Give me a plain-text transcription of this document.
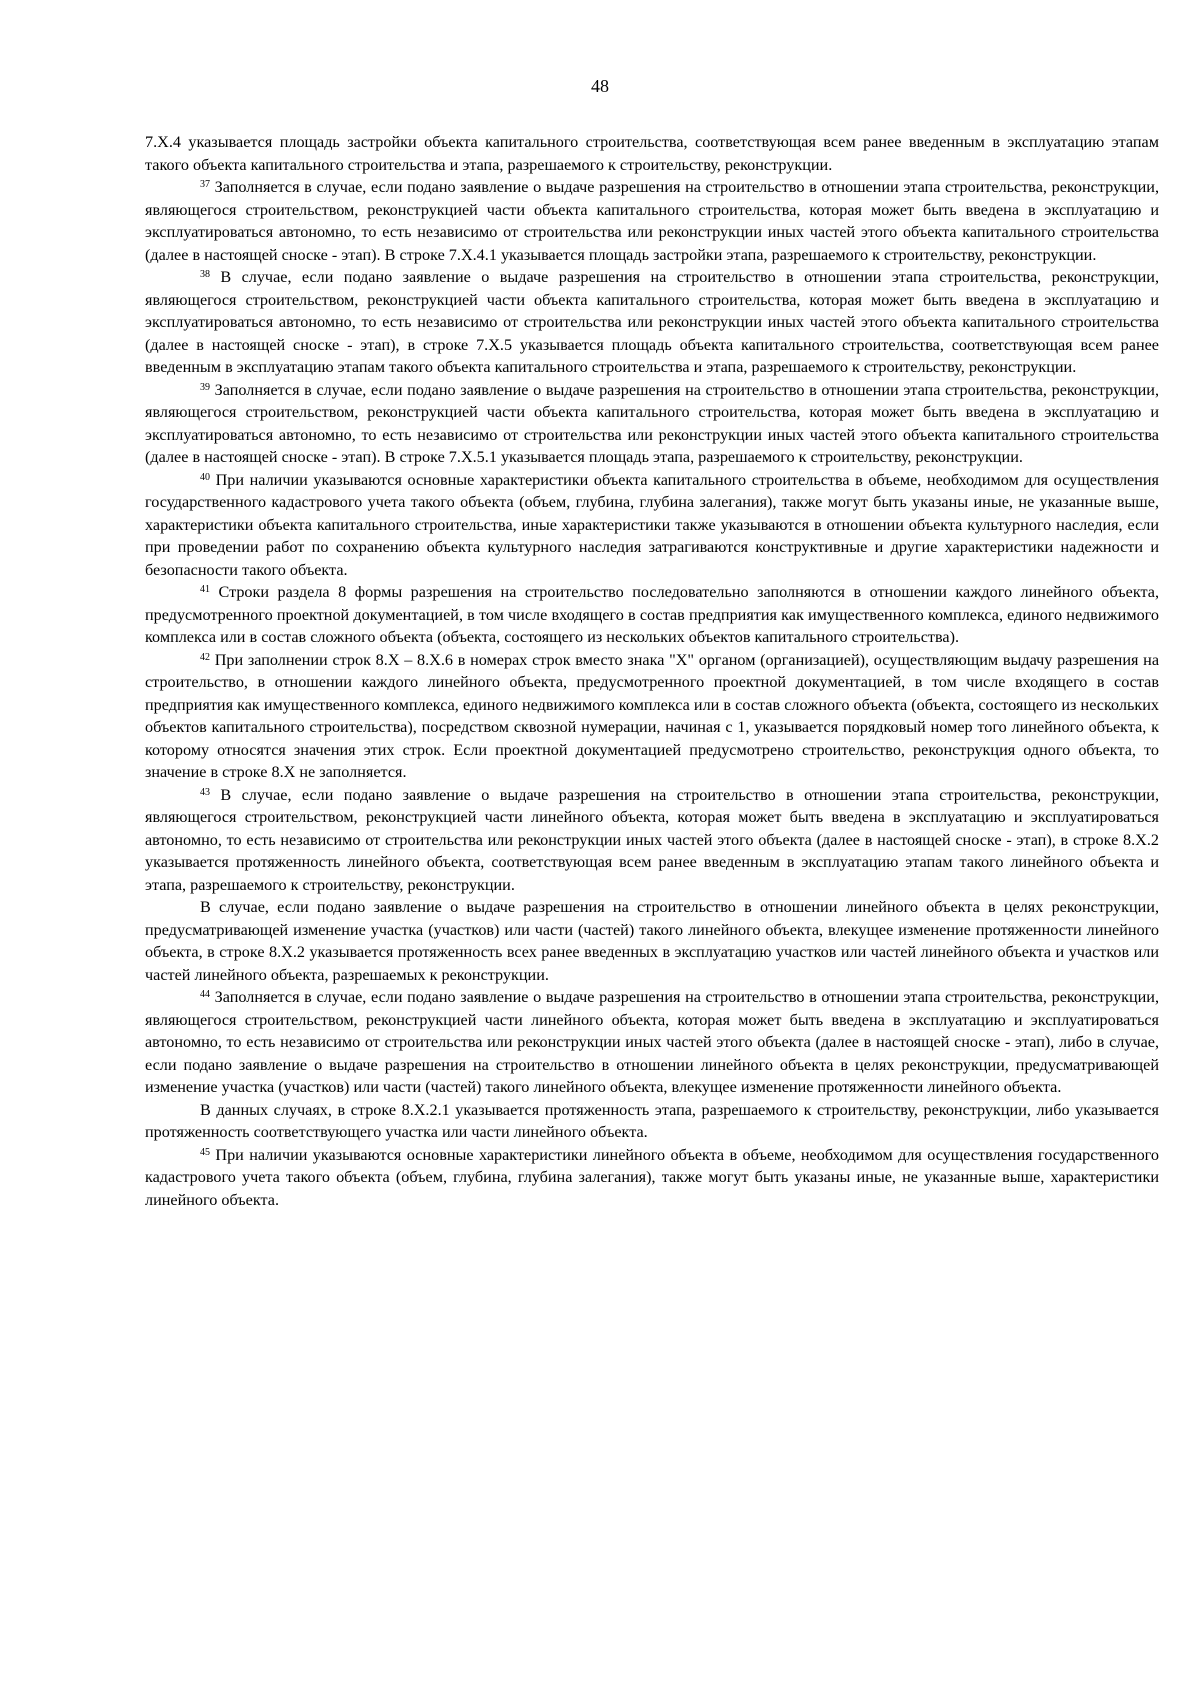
48

7.X.4 указывается площадь застройки объекта капитального строительства, соответствующая всем ранее введенным в эксплуатацию этапам такого объекта капитального строительства и этапа, разрешаемого к строительству, реконструкции.

$^{37}$ Заполняется в случае, если подано заявление о выдаче разрешения на строительство в отношении этапа строительства, реконструкции, являющегося строительством, реконструкцией части объекта капитального строительства, которая может быть введена в эксплуатацию и эксплуатироваться автономно, то есть независимо от строительства или реконструкции иных частей этого объекта капитального строительства (далее в настоящей сноске - этап). В строке 7.X.4.1 указывается площадь застройки этапа, разрешаемого к строительству, реконструкции.

$^{38}$ В случае, если подано заявление о выдаче разрешения на строительство в отношении этапа строительства, реконструкции, являющегося строительством, реконструкцией части объекта капитального строительства, которая может быть введена в эксплуатацию и эксплуатироваться автономно, то есть независимо от строительства или реконструкции иных частей этого объекта капитального строительства (далее в настоящей сноске - этап), в строке 7.X.5 указывается площадь объекта капитального строительства, соответствующая всем ранее введенным в эксплуатацию этапам такого объекта капитального строительства и этапа, разрешаемого к строительству, реконструкции.

$^{39}$ Заполняется в случае, если подано заявление о выдаче разрешения на строительство в отношении этапа строительства, реконструкции, являющегося строительством, реконструкцией части объекта капитального строительства, которая может быть введена в эксплуатацию и эксплуатироваться автономно, то есть независимо от строительства или реконструкции иных частей этого объекта капитального строительства (далее в настоящей сноске - этап). В строке 7.X.5.1 указывается площадь этапа, разрешаемого к строительству, реконструкции.

$^{40}$ При наличии указываются основные характеристики объекта капитального строительства в объеме, необходимом для осуществления государственного кадастрового учета такого объекта (объем, глубина, глубина залегания), также могут быть указаны иные, не указанные выше, характеристики объекта капитального строительства, иные характеристики также указываются в отношении объекта культурного наследия, если при проведении работ по сохранению объекта культурного наследия затрагиваются конструктивные и другие характеристики надежности и безопасности такого объекта.

$^{41}$ Строки раздела 8 формы разрешения на строительство последовательно заполняются в отношении каждого линейного объекта, предусмотренного проектной документацией, в том числе входящего в состав предприятия как имущественного комплекса, единого недвижимого комплекса или в состав сложного объекта (объекта, состоящего из нескольких объектов капитального строительства).

$^{42}$ При заполнении строк 8.X – 8.X.6 в номерах строк вместо знака "X" органом (организацией), осуществляющим выдачу разрешения на строительство, в отношении каждого линейного объекта, предусмотренного проектной документацией, в том числе входящего в состав предприятия как имущественного комплекса, единого недвижимого комплекса или в состав сложного объекта (объекта, состоящего из нескольких объектов капитального строительства), посредством сквозной нумерации, начиная с 1, указывается порядковый номер того линейного объекта, к которому относятся значения этих строк. Если проектной документацией предусмотрено строительство, реконструкция одного объекта, то значение в строке 8.X не заполняется.

$^{43}$ В случае, если подано заявление о выдаче разрешения на строительство в отношении этапа строительства, реконструкции, являющегося строительством, реконструкцией части линейного объекта, которая может быть введена в эксплуатацию и эксплуатироваться автономно, то есть независимо от строительства или реконструкции иных частей этого объекта (далее в настоящей сноске - этап), в строке 8.X.2 указывается протяженность линейного объекта, соответствующая всем ранее введенным в эксплуатацию этапам такого линейного объекта и этапа, разрешаемого к строительству, реконструкции.

В случае, если подано заявление о выдаче разрешения на строительство в отношении линейного объекта в целях реконструкции, предусматривающей изменение участка (участков) или части (частей) такого линейного объекта, влекущее изменение протяженности линейного объекта, в строке 8.X.2 указывается протяженность всех ранее введенных в эксплуатацию участков или частей линейного объекта и участков или частей линейного объекта, разрешаемых к реконструкции.

$^{44}$ Заполняется в случае, если подано заявление о выдаче разрешения на строительство в отношении этапа строительства, реконструкции, являющегося строительством, реконструкцией части линейного объекта, которая может быть введена в эксплуатацию и эксплуатироваться автономно, то есть независимо от строительства или реконструкции иных частей этого объекта (далее в настоящей сноске - этап), либо в случае, если подано заявление о выдаче разрешения на строительство в отношении линейного объекта в целях реконструкции, предусматривающей изменение участка (участков) или части (частей) такого линейного объекта, влекущее изменение протяженности линейного объекта.

В данных случаях, в строке 8.X.2.1 указывается протяженность этапа, разрешаемого к строительству, реконструкции, либо указывается протяженность соответствующего участка или части линейного объекта.

$^{45}$ При наличии указываются основные характеристики линейного объекта в объеме, необходимом для осуществления государственного кадастрового учета такого объекта (объем, глубина, глубина залегания), также могут быть указаны иные, не указанные выше, характеристики линейного объекта.
